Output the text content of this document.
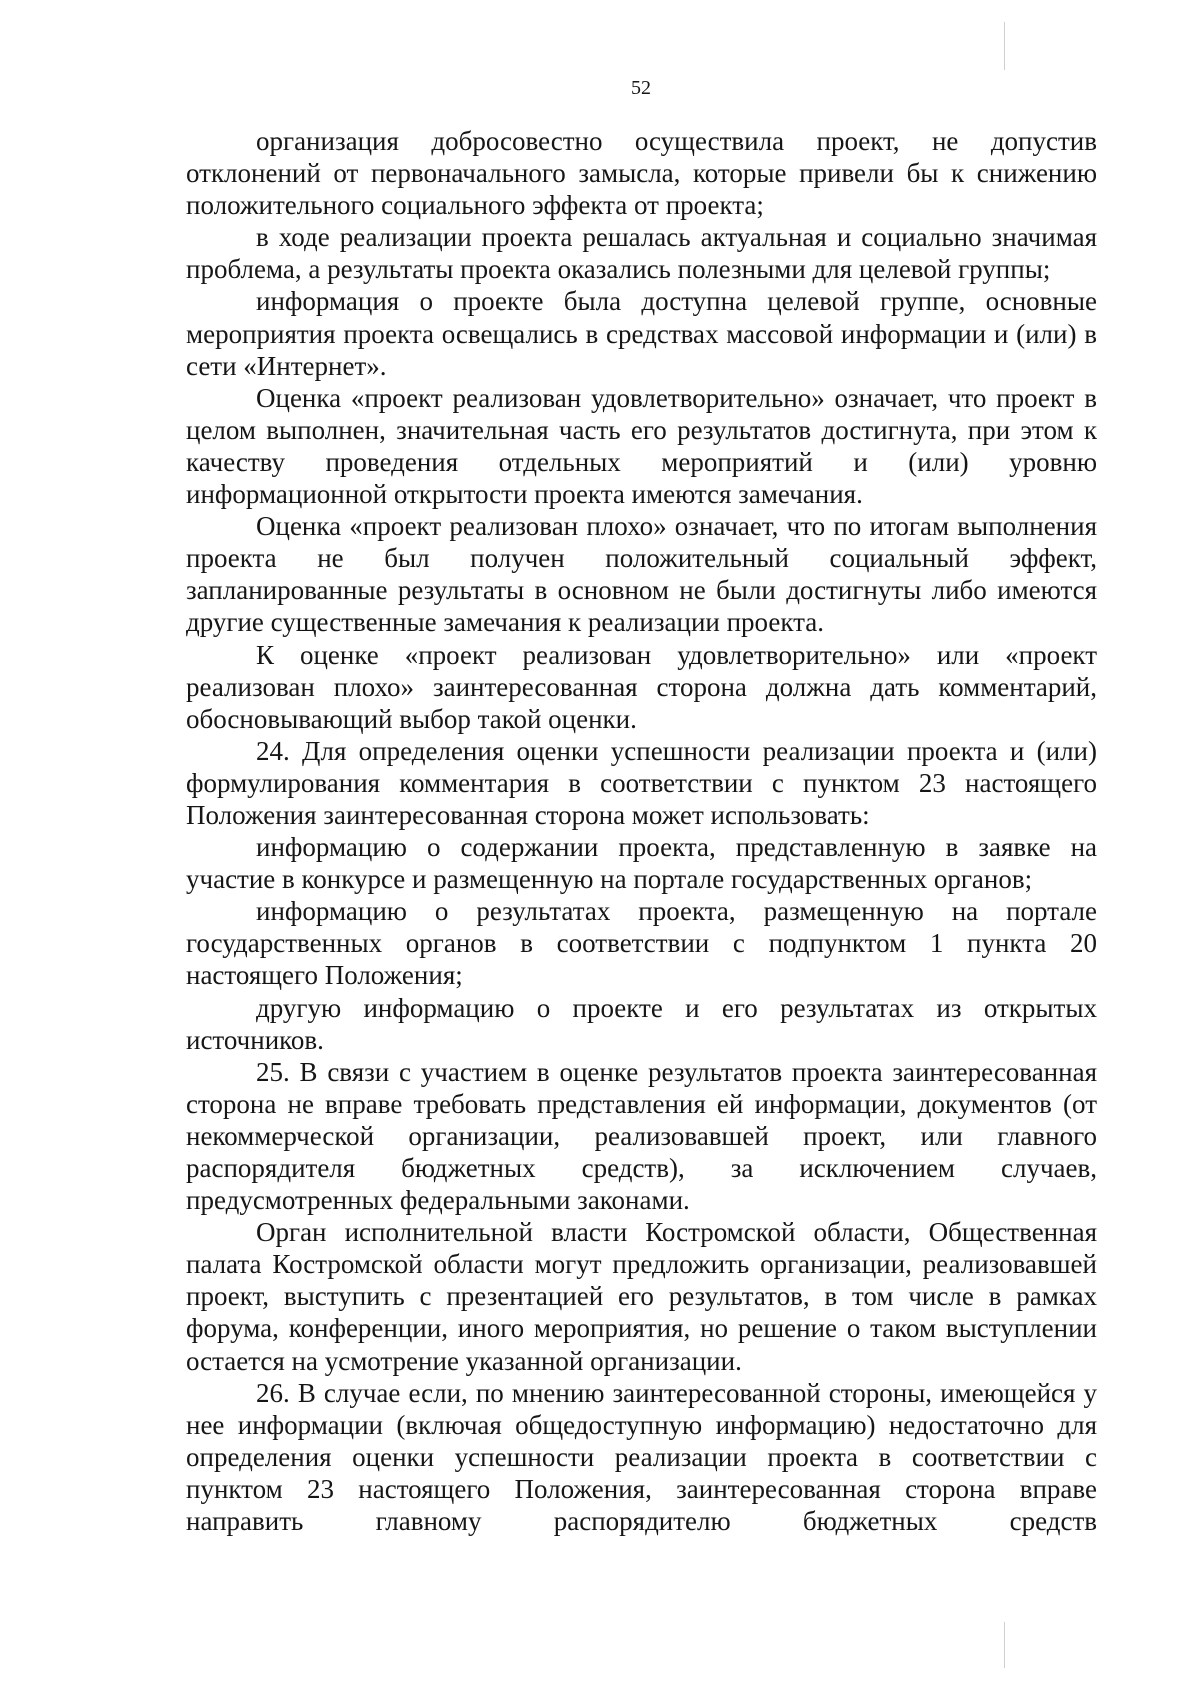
52

организация добросовестно осуществила проект, не допустив отклонений от первоначального замысла, которые привели бы к снижению положительного социального эффекта от проекта;

в ходе реализации проекта решалась актуальная и социально значимая проблема, а результаты проекта оказались полезными для целевой группы;

информация о проекте была доступна целевой группе, основные мероприятия проекта освещались в средствах массовой информации и (или) в сети «Интернет».

Оценка «проект реализован удовлетворительно» означает, что проект в целом выполнен, значительная часть его результатов достигнута, при этом к качеству проведения отдельных мероприятий и (или) уровню информационной открытости проекта имеются замечания.

Оценка «проект реализован плохо» означает, что по итогам выполнения проекта не был получен положительный социальный эффект, запланированные результаты в основном не были достигнуты либо имеются другие существенные замечания к реализации проекта.

К оценке «проект реализован удовлетворительно» или «проект реализован плохо» заинтересованная сторона должна дать комментарий, обосновывающий выбор такой оценки.

24. Для определения оценки успешности реализации проекта и (или) формулирования комментария в соответствии с пунктом 23 настоящего Положения заинтересованная сторона может использовать:

информацию о содержании проекта, представленную в заявке на участие в конкурсе и размещенную на портале государственных органов;

информацию о результатах проекта, размещенную на портале государственных органов в соответствии с подпунктом 1 пункта 20 настоящего Положения;

другую информацию о проекте и его результатах из открытых источников.

25. В связи с участием в оценке результатов проекта заинтересованная сторона не вправе требовать представления ей информации, документов (от некоммерческой организации, реализовавшей проект, или главного распорядителя бюджетных средств), за исключением случаев, предусмотренных федеральными законами.

Орган исполнительной власти Костромской области, Общественная палата Костромской области могут предложить организации, реализовавшей проект, выступить с презентацией его результатов, в том числе в рамках форума, конференции, иного мероприятия, но решение о таком выступлении остается на усмотрение указанной организации.

26. В случае если, по мнению заинтересованной стороны, имеющейся у нее информации (включая общедоступную информацию) недостаточно для определения оценки успешности реализации проекта в соответствии с пунктом 23 настоящего Положения, заинтересованная сторона вправе направить главному распорядителю бюджетных средств
